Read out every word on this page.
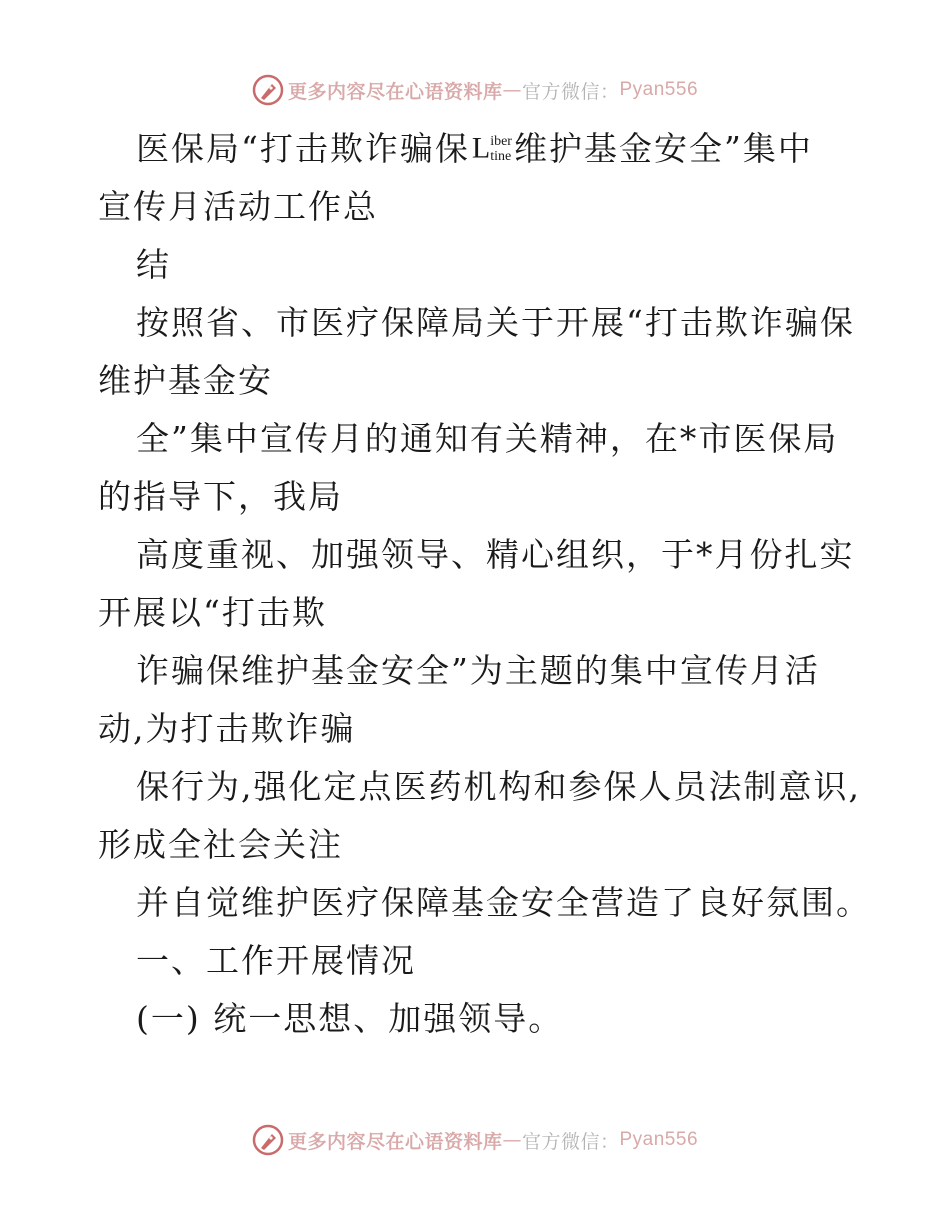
更多内容尽在心语资料库 — 官方微信： Pyan556
医保局“打击欺诈骗保Liber
tine维护基金安全”集中
宣传月活动工作总
结
按照省、市医疗保障局关于开展“打击欺诈骗保
维护基金安
全”集中宣传月的通知有关精神，在*市医保局
的指导下，我局
高度重视、加强领导、精心组织，于*月份扎实
开展以“打击欺
诈骗保维护基金安全”为主题的集中宣传月活
动,为打击欺诈骗
保行为,强化定点医药机构和参保人员法制意识,
形成全社会关注
并自觉维护医疗保障基金安全营造了良好氛围。
一、工作开展情况
(一) 统一思想、加强领导。
更多内容尽在心语资料库 — 官方微信： Pyan556
